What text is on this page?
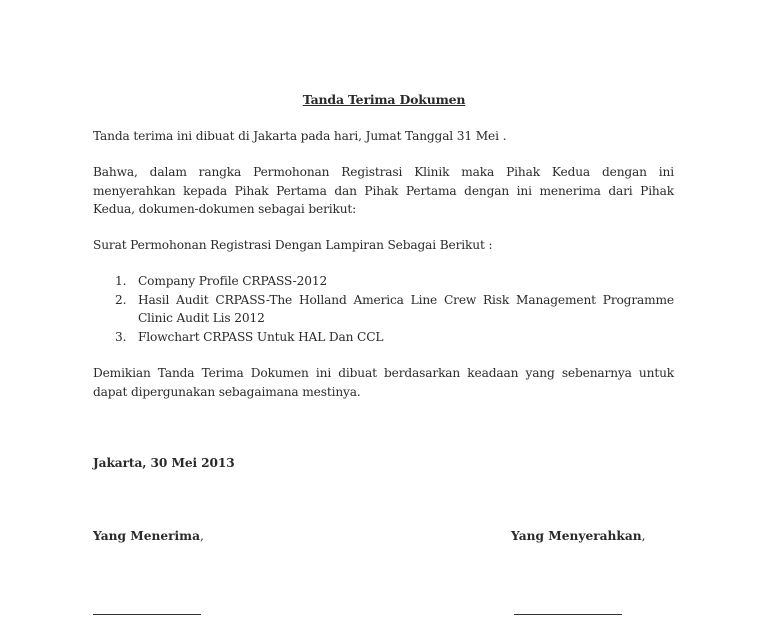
Tanda Terima Dokumen
Tanda terima ini dibuat di Jakarta pada hari, Jumat Tanggal 31 Mei .
Bahwa, dalam rangka Permohonan Registrasi Klinik maka Pihak Kedua dengan ini menyerahkan kepada Pihak Pertama dan Pihak Pertama dengan ini menerima dari Pihak Kedua, dokumen-dokumen sebagai berikut:
Surat Permohonan Registrasi Dengan Lampiran Sebagai Berikut :
1. Company Profile CRPASS-2012
2. Hasil Audit CRPASS-The Holland America Line Crew Risk Management Programme Clinic Audit Lis 2012
3. Flowchart CRPASS Untuk HAL Dan CCL
Demikian Tanda Terima Dokumen ini dibuat berdasarkan keadaan yang sebenarnya untuk dapat dipergunakan sebagaimana mestinya.
Jakarta, 30 Mei 2013
Yang Menerima,	Yang Menyerahkan,
